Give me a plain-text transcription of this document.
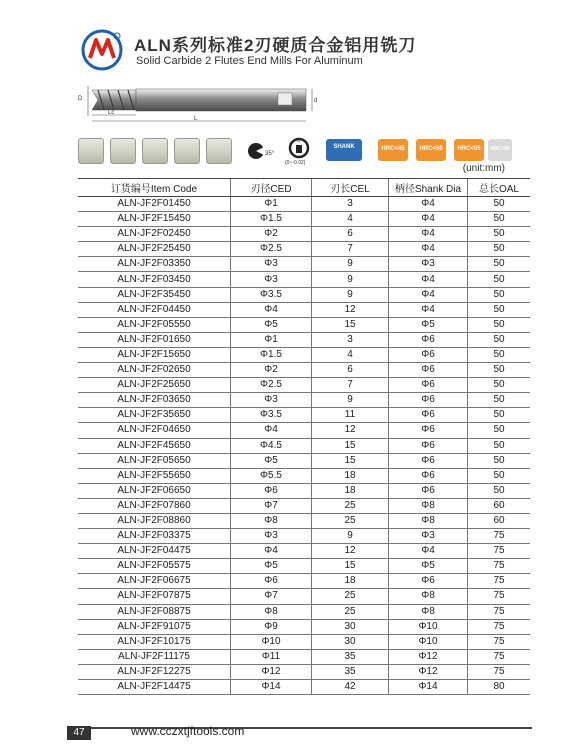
ALN系列标准2刃硬质合金铝用铣刀
Solid Carbide 2 Flutes End Mills For Aluminum
D	d
Lc
L
35°
d
(0~-0.02)
SHANK	HRC<45 HRC<50 HRC<55 HRC<60
(unit:mm)
订货编号Item Code	刃径CED	刃长CEL	柄径Shank Dia	总长OAL
ALN-JF2F01450	Φ1	3	Φ4	50
ALN-JF2F15450	Φ1.5	4	Φ4	50
ALN-JF2F02450	Φ2	6	Φ4	50
ALN-JF2F25450	Φ2.5	7	Φ4	50
ALN-JF2F03350	Φ3	9	Φ3	50
ALN-JF2F03450	Φ3	9	Φ4	50
ALN-JF2F35450	Φ3.5	9	Φ4	50
ALN-JF2F04450	Φ4	12	Φ4	50
ALN-JF2F05550	Φ5	15	Φ5	50
ALN-JF2F01650	Φ1	3	Φ6	50
ALN-JF2F15650	Φ1.5	4	Φ6	50
ALN-JF2F02650	Φ2	6	Φ6	50
ALN-JF2F25650	Φ2.5	7	Φ6	50
ALN-JF2F03650	Φ3	9	Φ6	50
ALN-JF2F35650	Φ3.5	11	Φ6	50
ALN-JF2F04650	Φ4	12	Φ6	50
ALN-JF2F45650	Φ4.5	15	Φ6	50
ALN-JF2F05650	Φ5	15	Φ6	50
ALN-JF2F55650	Φ5.5	18	Φ6	50
ALN-JF2F06650	Φ6	18	Φ6	50
ALN-JF2F07860	Φ7	25	Φ8	60
ALN-JF2F08860	Φ8	25	Φ8	60
ALN-JF2F03375	Φ3	9	Φ3	75
ALN-JF2F04475	Φ4	12	Φ4	75
ALN-JF2F05575	Φ5	15	Φ5	75
ALN-JF2F06675	Φ6	18	Φ6	75
ALN-JF2F07875	Φ7	25	Φ8	75
ALN-JF2F08875	Φ8	25	Φ8	75
ALN-JF2F91075	Φ9	30	Φ10	75
ALN-JF2F10175	Φ10	30	Φ10	75
ALN-JF2F11175	Φ11	35	Φ12	75
ALN-JF2F12275	Φ12	35	Φ12	75
ALN-JF2F14475	Φ14	42	Φ14	80
47	www.cczxtjftools.com
